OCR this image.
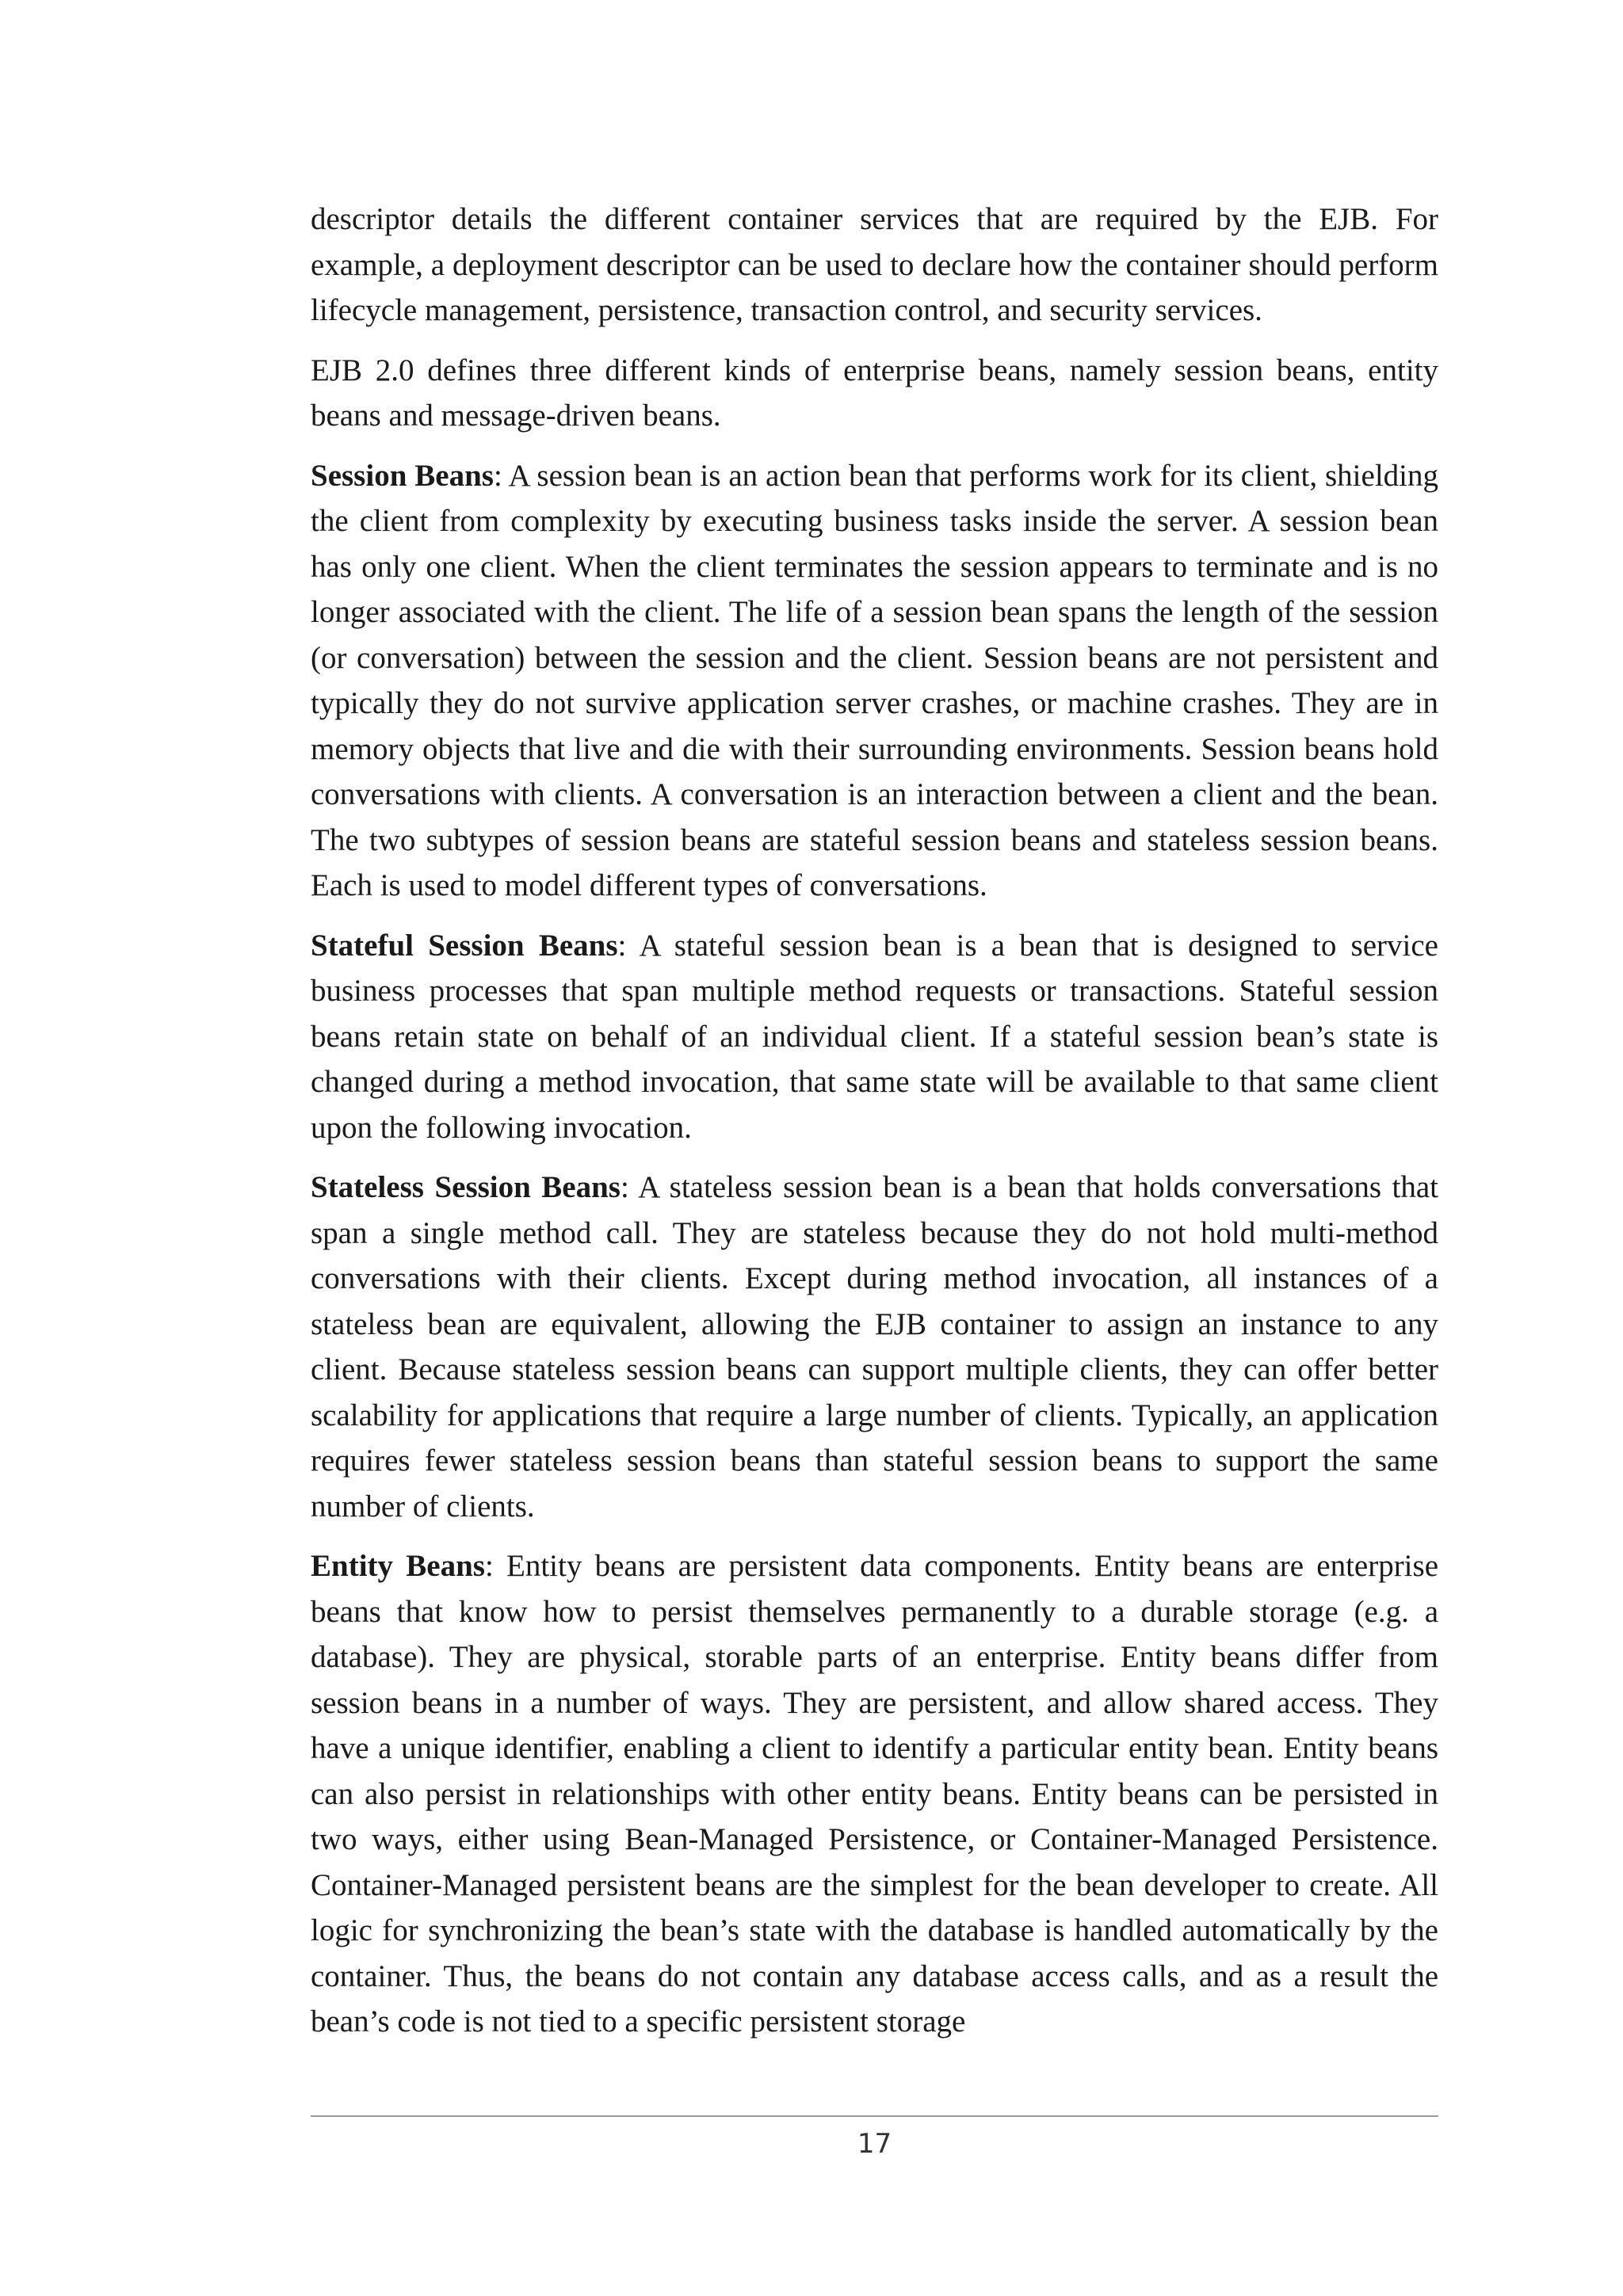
descriptor details the different container services that are required by the EJB. For example, a deployment descriptor can be used to declare how the container should perform lifecycle management, persistence, transaction control, and security services.

EJB 2.0 defines three different kinds of enterprise beans, namely session beans, entity beans and message-driven beans.

Session Beans: A session bean is an action bean that performs work for its client, shielding the client from complexity by executing business tasks inside the server. A session bean has only one client. When the client terminates the session appears to terminate and is no longer associated with the client. The life of a session bean spans the length of the session (or conversation) between the session and the client. Session beans are not persistent and typically they do not survive application server crashes, or machine crashes. They are in memory objects that live and die with their surrounding environments. Session beans hold conversations with clients. A conversation is an interaction between a client and the bean. The two subtypes of session beans are stateful session beans and stateless session beans. Each is used to model different types of conversations.

Stateful Session Beans: A stateful session bean is a bean that is designed to service business processes that span multiple method requests or transactions. Stateful session beans retain state on behalf of an individual client. If a stateful session bean’s state is changed during a method invocation, that same state will be available to that same client upon the following invocation.

Stateless Session Beans: A stateless session bean is a bean that holds conversations that span a single method call. They are stateless because they do not hold multi-method conversations with their clients. Except during method invocation, all instances of a stateless bean are equivalent, allowing the EJB container to assign an instance to any client. Because stateless session beans can support multiple clients, they can offer better scalability for applications that require a large number of clients. Typically, an application requires fewer stateless session beans than stateful session beans to support the same number of clients.

Entity Beans: Entity beans are persistent data components. Entity beans are enterprise beans that know how to persist themselves permanently to a durable storage (e.g. a database). They are physical, storable parts of an enterprise. Entity beans differ from session beans in a number of ways. They are persistent, and allow shared access. They have a unique identifier, enabling a client to identify a particular entity bean. Entity beans can also persist in relationships with other entity beans. Entity beans can be persisted in two ways, either using Bean-Managed Persistence, or Container-Managed Persistence. Container-Managed persistent beans are the simplest for the bean developer to create. All logic for synchronizing the bean’s state with the database is handled automatically by the container. Thus, the beans do not contain any database access calls, and as a result the bean’s code is not tied to a specific persistent storage

17
